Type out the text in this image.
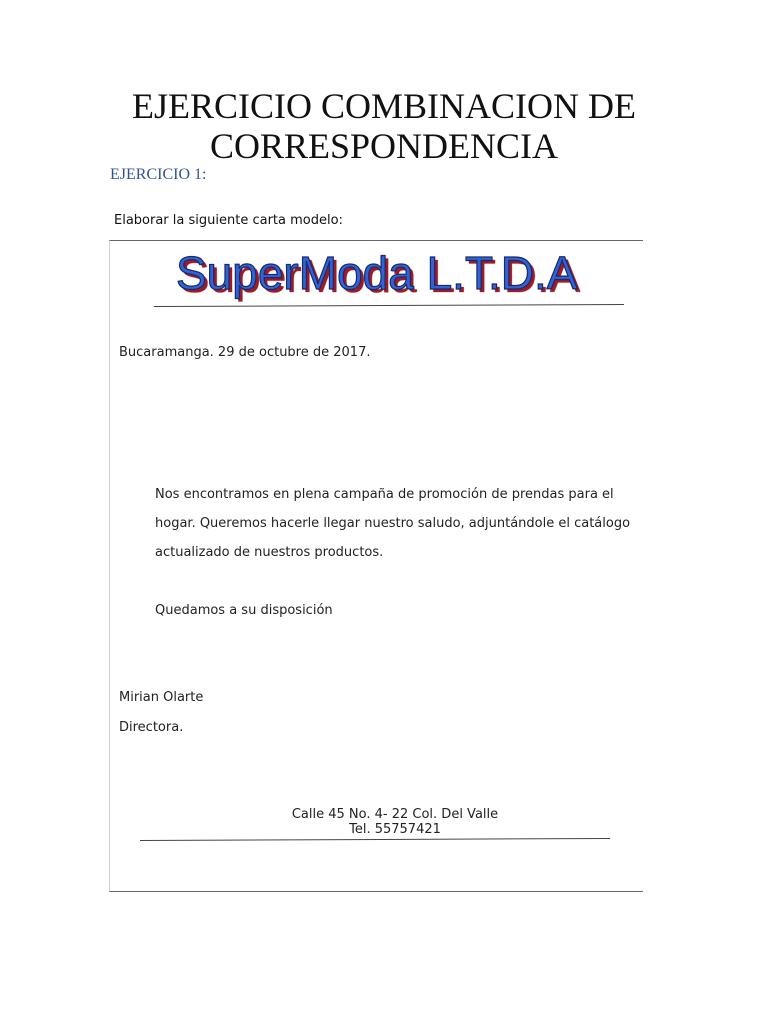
EJERCICIO COMBINACION DE
CORRESPONDENCIA
EJERCICIO 1:
Elaborar la siguiente carta modelo:
SuperModa L.T.D.A
Bucaramanga. 29 de octubre de 2017.
Nos encontramos en plena campaña de promoción de prendas para el
hogar. Queremos hacerle llegar nuestro saludo, adjuntándole el catálogo
actualizado de nuestros productos.
Quedamos a su disposición
Mirian Olarte
Directora.
Calle 45 No. 4- 22 Col. Del Valle
Tel. 55757421
